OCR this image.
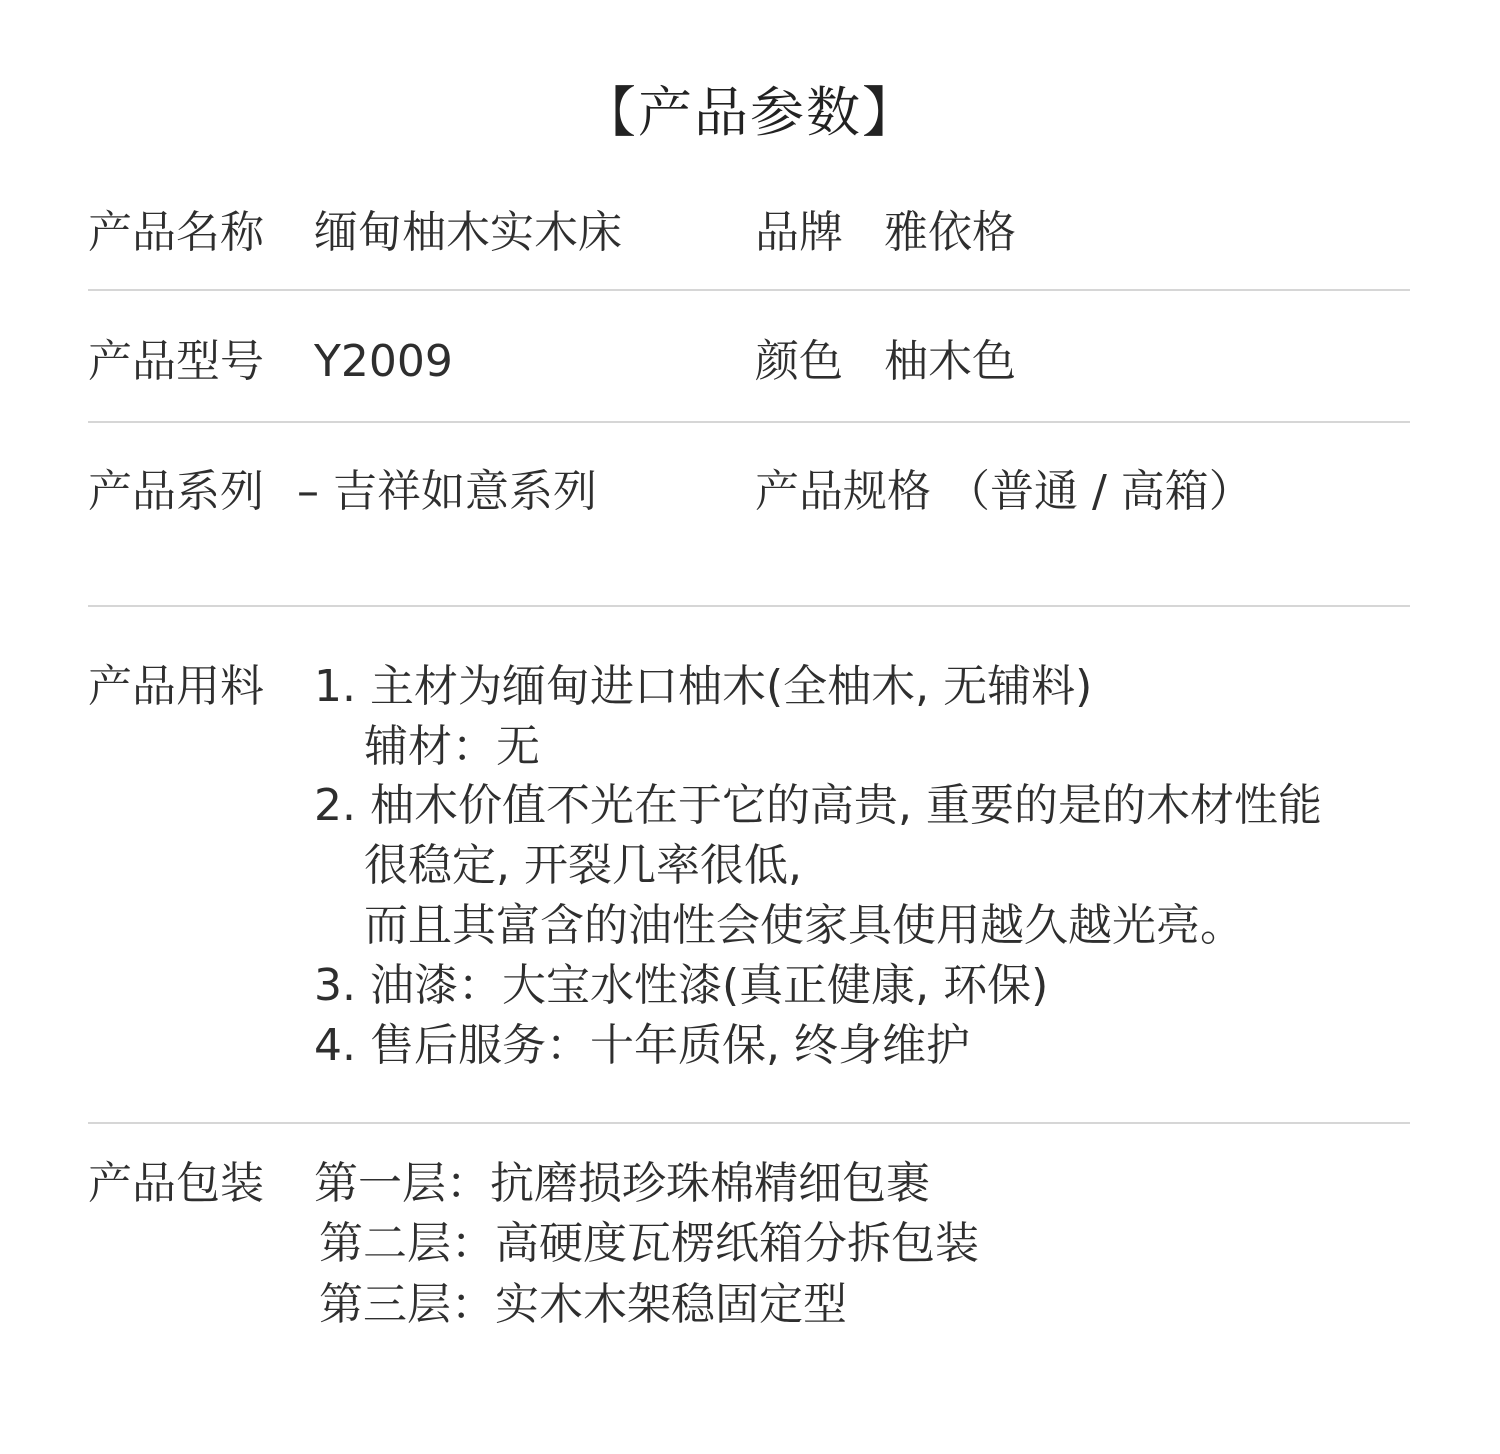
【产品参数】
产品名称 缅甸柚木实木床	品牌 雅依格
产品型号 Y2009	颜色 柚木色
产品系列 – 吉祥如意系列	产品规格 （普通 / 高箱）
产品用料 1. 主材为缅甸进口柚木(全柚木, 无辅料)
辅材：无
2. 柚木价值不光在于它的高贵, 重要的是的木材性能
很稳定, 开裂几率很低,
而且其富含的油性会使家具使用越久越光亮。
3. 油漆：大宝水性漆(真正健康, 环保)
4. 售后服务：十年质保, 终身维护
产品包装 第一层：抗磨损珍珠棉精细包裹
第二层：高硬度瓦楞纸箱分拆包装
第三层：实木木架稳固定型
